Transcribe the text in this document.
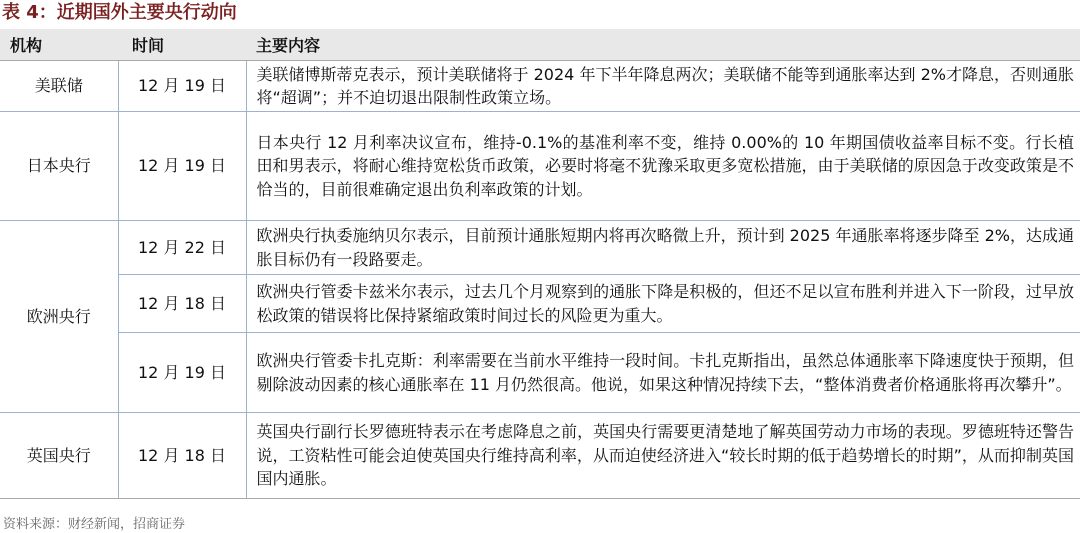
表 4：近期国外主要央行动向
机构	时间	主要内容
美联储	12 月 19 日	美联储博斯蒂克表示，预计美联储将于 2024 年下半年降息两次；美联储不能等到通胀率达到 2%才降息，否则通胀将“超调”；并不迫切退出限制性政策立场。
日本央行	12 月 19 日	日本央行 12 月利率决议宣布，维持-0.1%的基准利率不变，维持 0.00%的 10 年期国债收益率目标不变。行长植田和男表示，将耐心维持宽松货币政策，必要时将毫不犹豫采取更多宽松措施，由于美联储的原因急于改变政策是不恰当的，目前很难确定退出负利率政策的计划。
欧洲央行	12 月 22 日	欧洲央行执委施纳贝尔表示，目前预计通胀短期内将再次略微上升，预计到 2025 年通胀率将逐步降至 2%，达成通胀目标仍有一段路要走。
	12 月 18 日	欧洲央行管委卡兹米尔表示，过去几个月观察到的通胀下降是积极的，但还不足以宣布胜利并进入下一阶段，过早放松政策的错误将比保持紧缩政策时间过长的风险更为重大。
	12 月 19 日	欧洲央行管委卡扎克斯：利率需要在当前水平维持一段时间。卡扎克斯指出，虽然总体通胀率下降速度快于预期，但剔除波动因素的核心通胀率在 11 月仍然很高。他说，如果这种情况持续下去，“整体消费者价格通胀将再次攀升”。
英国央行	12 月 18 日	英国央行副行长罗德班特表示在考虑降息之前，英国央行需要更清楚地了解英国劳动力市场的表现。罗德班特还警告说，工资粘性可能会迫使英国央行维持高利率，从而迫使经济进入“较长时期的低于趋势增长的时期”，从而抑制英国国内通胀。
资料来源：财经新闻，招商证券
